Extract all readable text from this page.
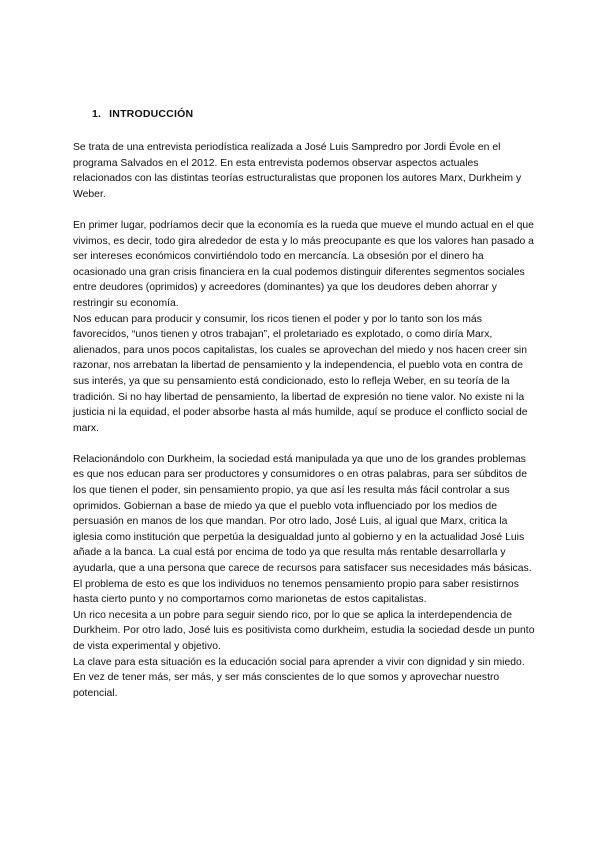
1. INTRODUCCIÓN

Se trata de una entrevista periodística realizada a José Luis Sampredro por Jordi Évole en el programa Salvados en el 2012. En esta entrevista podemos observar aspectos actuales relacionados con las distintas teorías estructuralistas que proponen los autores Marx, Durkheim y Weber.

En primer lugar, podríamos decir que la economía es la rueda que mueve el mundo actual en el que vivimos, es decir, todo gira alrededor de esta y lo más preocupante es que los valores han pasado a ser intereses económicos convirtiéndolo todo en mercancía. La obsesión por el dinero ha ocasionado una gran crisis financiera en la cual podemos distinguir diferentes segmentos sociales entre deudores (oprimidos) y acreedores (dominantes) ya que los deudores deben ahorrar y restringir su economía.

Nos educan para producir y consumir, los ricos tienen el poder y por lo tanto son los más favorecidos, “unos tienen y otros trabajan”, el proletariado es explotado, o como diría Marx, alienados, para unos pocos capitalistas, los cuales se aprovechan del miedo y nos hacen creer sin razonar, nos arrebatan la libertad de pensamiento y la independencia, el pueblo vota en contra de sus interés, ya que su pensamiento está condicionado, esto lo refleja Weber, en su teoría de la tradición. Si no hay libertad de pensamiento, la libertad de expresión no tiene valor. No existe ni la justicia ni la equidad, el poder absorbe hasta al más humilde, aquí se produce el conflicto social de marx.

Relacionándolo con Durkheim, la sociedad está manipulada ya que uno de los grandes problemas es que nos educan para ser productores y consumidores o en otras palabras, para ser súbditos de los que tienen el poder, sin pensamiento propio, ya que así les resulta más fácil controlar a sus oprimidos. Gobiernan a base de miedo ya que el pueblo vota influenciado por los medios de persuasión en manos de los que mandan. Por otro lado, José Luis, al igual que Marx, critica la iglesia como institución que perpetúa la desigualdad junto al gobierno y en la actualidad José Luis añade a la banca. La cual está por encima de todo ya que resulta más rentable desarrollarla y ayudarla, que a una persona que carece de recursos para satisfacer sus necesidades más básicas.

El problema de esto es que los individuos no tenemos pensamiento propio para saber resistirnos hasta cierto punto y no comportarnos como marionetas de estos capitalistas.

Un rico necesita a un pobre para seguir siendo rico, por lo que se aplica la interdependencia de Durkheim. Por otro lado, José luis es positivista como durkheim, estudia la sociedad desde un punto de vista experimental y objetivo.

La clave para esta situación es la educación social para aprender a vivir con dignidad y sin miedo. En vez de tener más, ser más, y ser más conscientes de lo que somos y aprovechar nuestro potencial.
